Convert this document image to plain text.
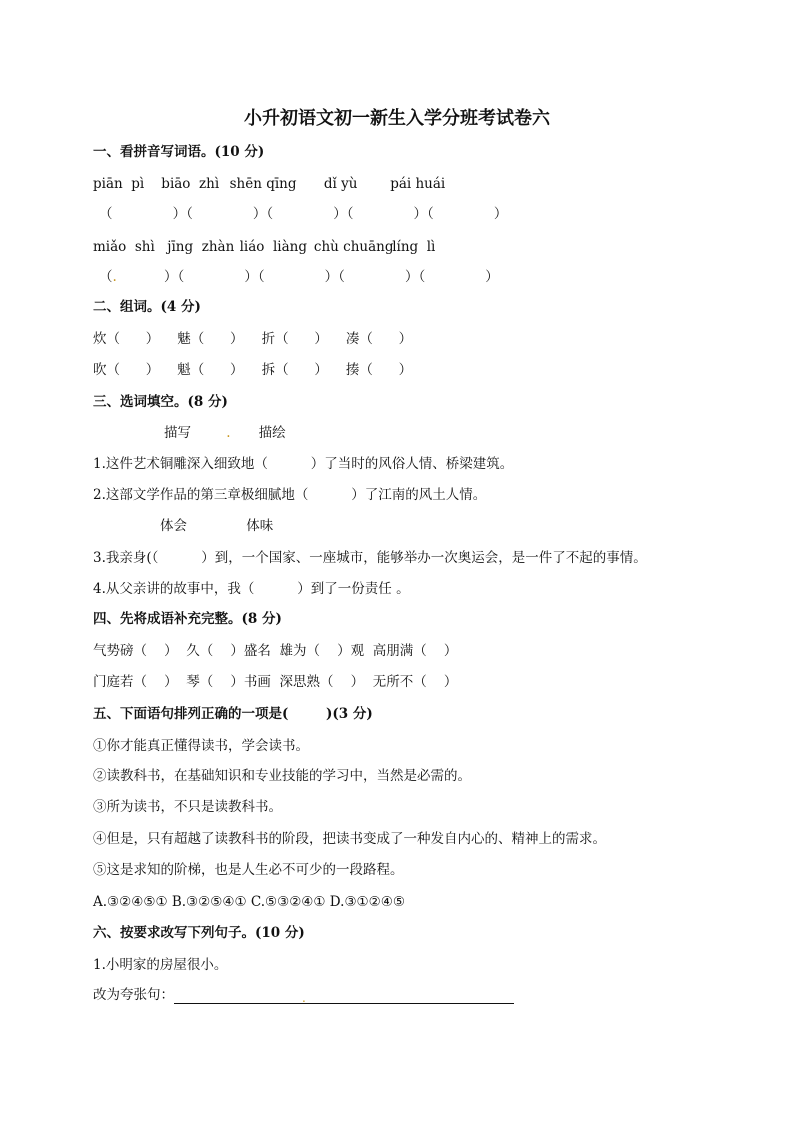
小升初语文初一新生入学分班考试卷六
一、看拼音写词语。(10 分)
piān  pì biāo  zhì shēn qīng dǐ yù pái huái
（              ）（              ）（              ）（              ）（              ）
miǎo  shì jīng  zhàn liáo  liàng chù chuāng líng  lì
（.           ）（              ）（              ）（              ）（              ）
二、组词。(4 分)
炊（      ） 魅（      ） 折（      ） 凑（      ）
吹（      ） 魁（      ） 拆（      ） 揍（      ）
三、选词填空。(8 分)
描写	. 描绘
1.这件艺术铜雕深入细致地（          ）了当时的风俗人情、桥梁建筑。
2.这部文学作品的第三章极细腻地（          ）了江南的风土人情。
体会	体味
3.我亲身(（          ）到，一个国家、一座城市，能够举办一次奥运会，是一件了不起的事情。
4.从父亲讲的故事中，我（          ）到了一份责任 。
四、先将成语补充完整。(8 分)
气势磅（    ）  久（    ）盛名  雄为（    ）观  高朋满（    ）
门庭若（    ）  琴（    ）书画  深思熟（    ）  无所不（    ）
五、下面语句排列正确的一项是(        )(3 分)
①你才能真正懂得读书，学会读书。
②读教科书，在基础知识和专业技能的学习中，当然是必需的。
③所为读书，不只是读教科书。
④但是，只有超越了读教科书的阶段，把读书变成了一种发自内心的、精神上的需求。
⑤这是求知的阶梯，也是人生必不可少的一段路程。
A.③②④⑤① B.③②⑤④① C.⑤③②④① D.③①②④⑤
六、按要求改写下列句子。(10 分)
1.小明家的房屋很小。
改为夸张句：	.
